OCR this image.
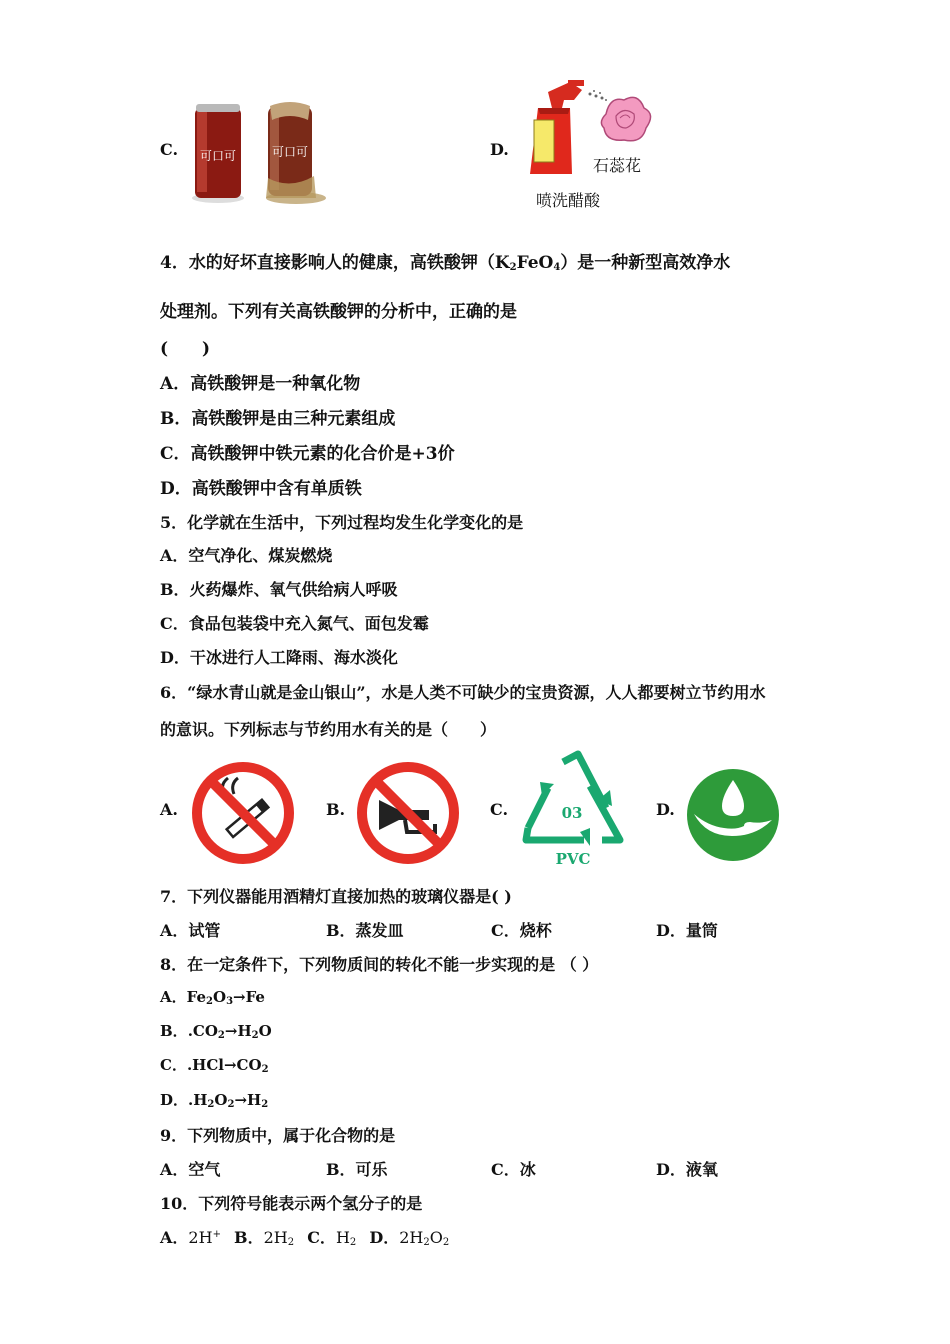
C. 可口可	可口可	D.
石蕊花
喷洗醋酸
4．水的好坏直接影响人的健康，高铁酸钾$(K_2FeO_4)$是一种新型高效净水
处理剂。下列有关高铁酸钾的分析中，正确的是
(　　)
A．高铁酸钾是一种氧化物
B．高铁酸钾是由三种元素组成
C．高铁酸钾中铁元素的化合价是+3价
D．高铁酸钾中含有单质铁
5．化学就在生活中，下列过程均发生化学变化的是
A．空气净化、煤炭燃烧
B．火药爆炸、氧气供给病人呼吸
C．食品包装袋中充入氮气、面包发霉
D．干冰进行人工降雨、海水淡化
6．“绿水青山就是金山银山”，水是人类不可缺少的宝贵资源，人人都要树立节约用水
的意识。下列标志与节约用水有关的是（　　）
A.	B.	C.	03
PVC
D.
7．下列仪器能用酒精灯直接加热的玻璃仪器是( )
A．试管	B．蒸发皿	C．烧杯	D．量筒
8．在一定条件下，下列物质间的转化不能一步实现的是 （ ）
A．$Fe_2O_3\to Fe$
B．$.CO_2\to H_2O$
C．$.HCl\to CO_2$
D．$.H_2O_2\to H_2$
9．下列物质中，属于化合物的是
A．空气	B．可乐	C．冰	D．液氧
10．下列符号能表示两个氢分子的是
A．2H+ B．$2H_2$ C．$H_2$ D．$2H_2O_2$
